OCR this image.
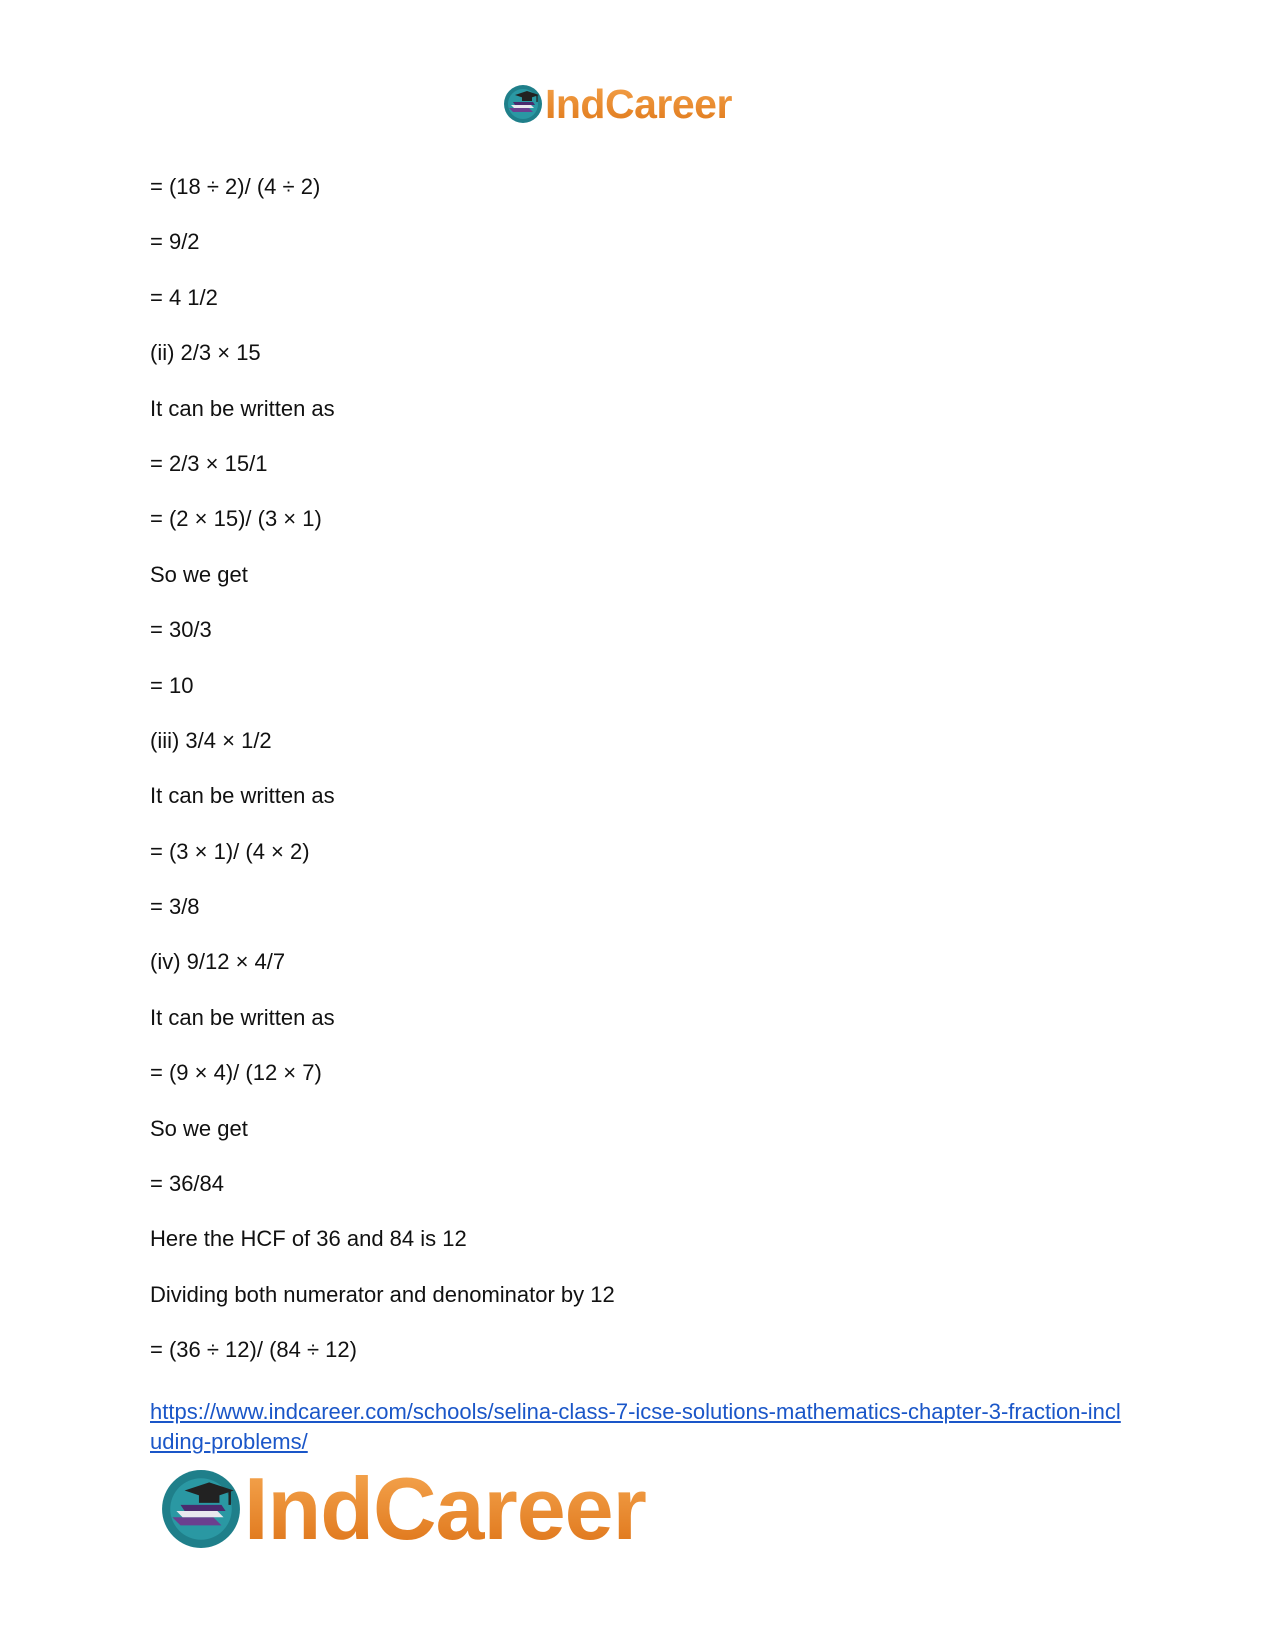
IndCareer
= (18 ÷ 2)/ (4 ÷ 2)
= 9/2
= 4 1/2
(ii) 2/3 × 15
It can be written as
= 2/3 × 15/1
= (2 × 15)/ (3 × 1)
So we get
= 30/3
= 10
(iii) 3/4 × 1/2
It can be written as
= (3 × 1)/ (4 × 2)
= 3/8
(iv) 9/12 × 4/7
It can be written as
= (9 × 4)/ (12 × 7)
So we get
= 36/84
Here the HCF of 36 and 84 is 12
Dividing both numerator and denominator by 12
= (36 ÷ 12)/ (84 ÷ 12)
https://www.indcareer.com/schools/selina-class-7-icse-solutions-mathematics-chapter-3-fraction-including-problems/
IndCareer
